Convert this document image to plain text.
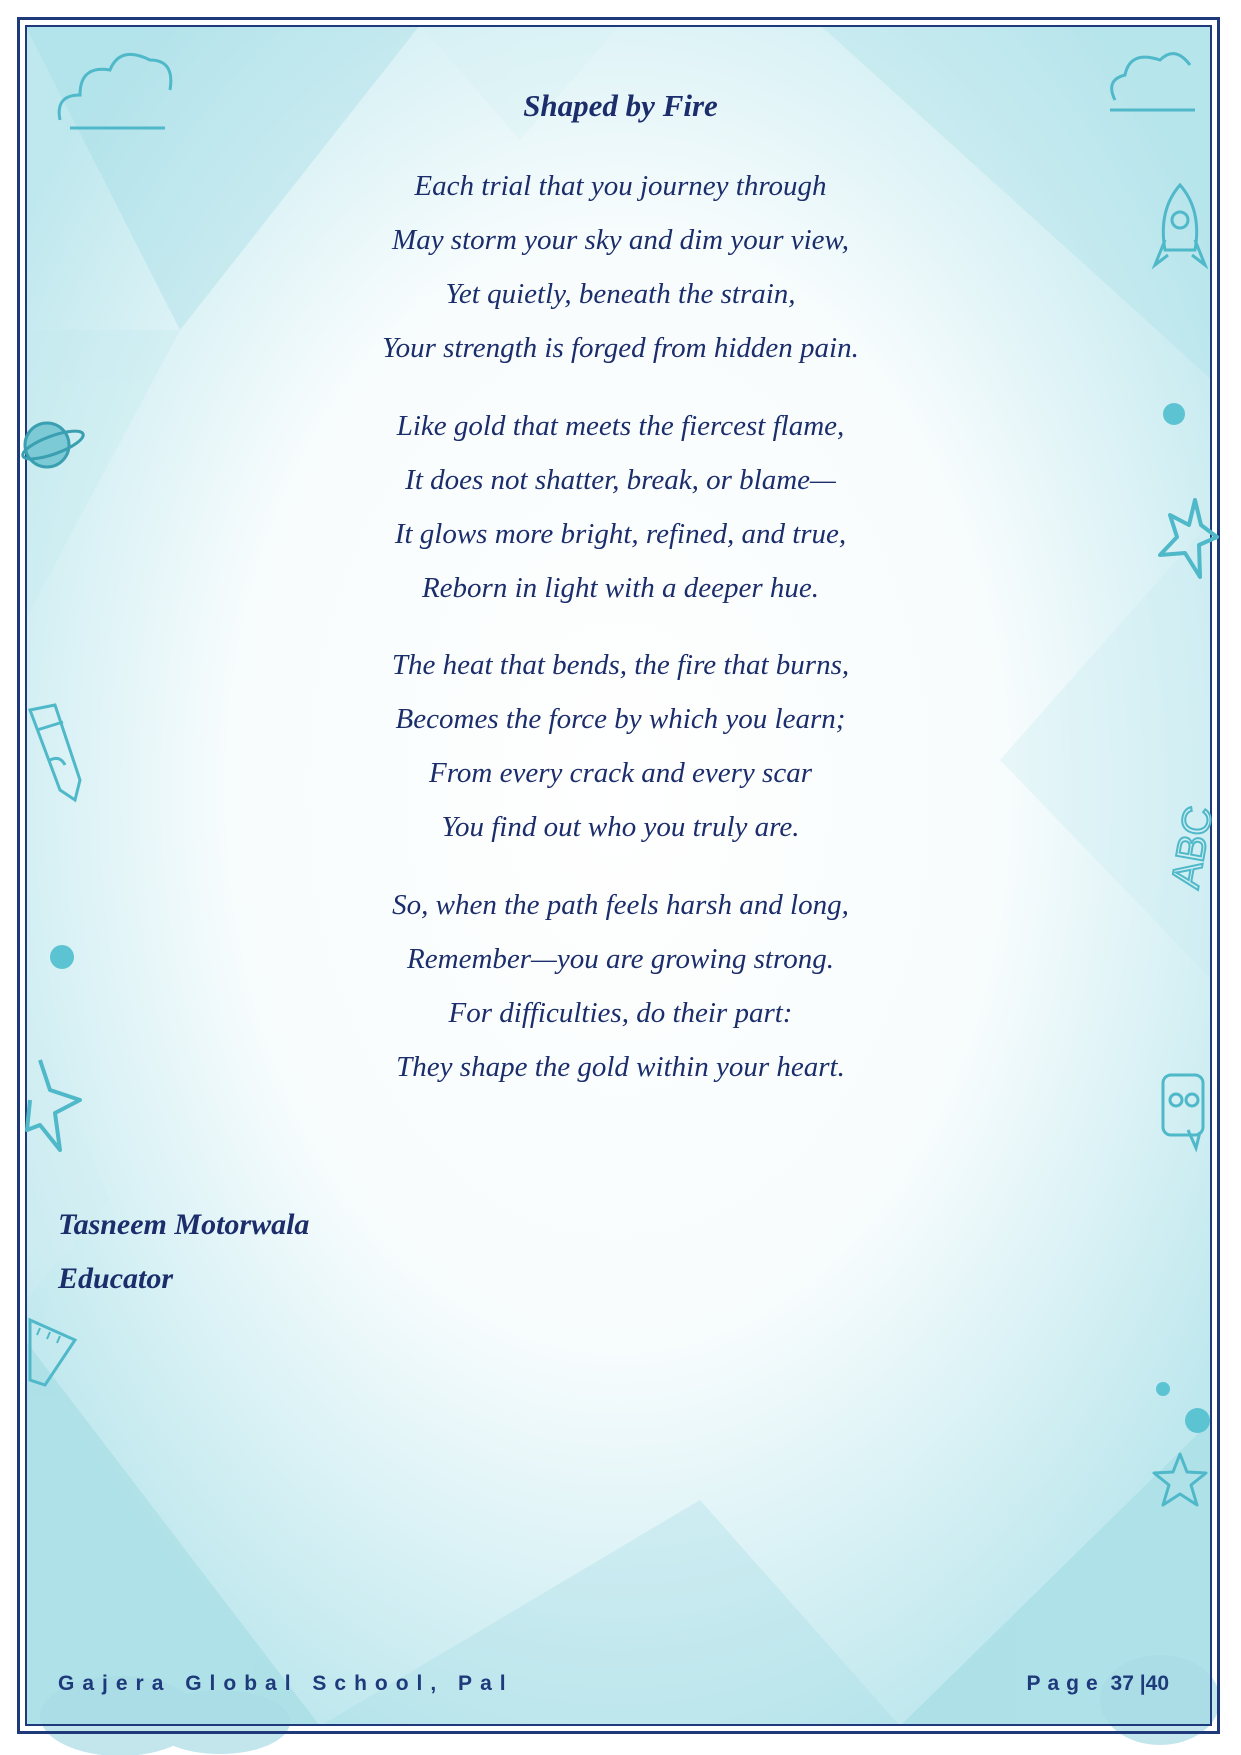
ABC
Shaped by Fire
Each trial that you journey through
May storm your sky and dim your view,
Yet quietly, beneath the strain,
Your strength is forged from hidden pain.
Like gold that meets the fiercest flame,
It does not shatter, break, or blame—
It glows more bright, refined, and true,
Reborn in light with a deeper hue.
The heat that bends, the fire that burns,
Becomes the force by which you learn;
From every crack and every scar
You find out who you truly are.
So, when the path feels harsh and long,
Remember—you are growing strong.
For difficulties, do their part:
They shape the gold within your heart.
Tasneem Motorwala
Educator
Gajera Global School, Pal	Page 37 |40
